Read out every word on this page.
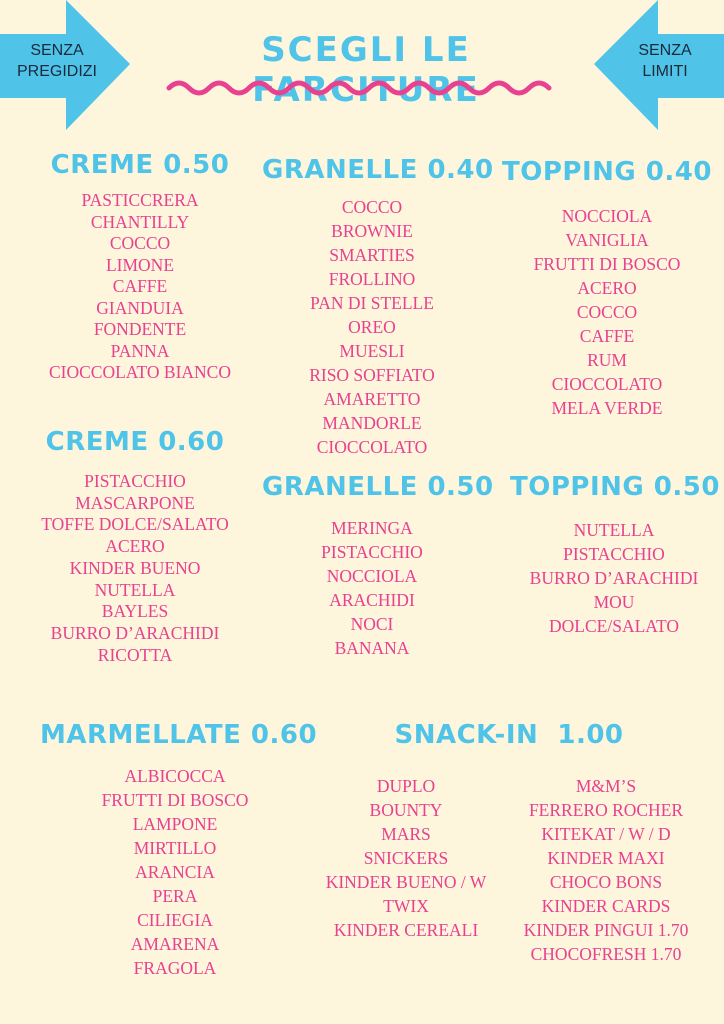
SENZA
PREGIDIZI
SENZA
LIMITI
SCEGLI LE FARCITURE
CREME 0.50
PASTICCRERA
CHANTILLY
COCCO
LIMONE
CAFFE
GIANDUIA
FONDENTE
PANNA
CIOCCOLATO BIANCO
GRANELLE 0.40
COCCO
BROWNIE
SMARTIES
FROLLINO
PAN DI STELLE
OREO
MUESLI
RISO SOFFIATO
AMARETTO
MANDORLE
CIOCCOLATO
TOPPING 0.40
NOCCIOLA
VANIGLIA
FRUTTI DI BOSCO
ACERO
COCCO
CAFFE
RUM
CIOCCOLATO
MELA VERDE
CREME 0.60
PISTACCHIO
MASCARPONE
TOFFE DOLCE/SALATO
ACERO
KINDER BUENO
NUTELLA
BAYLES
BURRO D’ARACHIDI
RICOTTA
GRANELLE 0.50
MERINGA
PISTACCHIO
NOCCIOLA
ARACHIDI
NOCI
BANANA
TOPPING 0.50
NUTELLA
PISTACCHIO
BURRO D’ARACHIDI
MOU
DOLCE/SALATO
MARMELLATE 0.60
ALBICOCCA
FRUTTI DI BOSCO
LAMPONE
MIRTILLO
ARANCIA
PERA
CILIEGIA
AMARENA
FRAGOLA
SNACK-IN  1.00
DUPLO
BOUNTY
MARS
SNICKERS
KINDER BUENO / W
TWIX
KINDER CEREALI
M&M’S
FERRERO ROCHER
KITEKAT / W / D
KINDER MAXI
CHOCO BONS
KINDER CARDS
KINDER PINGUI 1.70
CHOCOFRESH 1.70
